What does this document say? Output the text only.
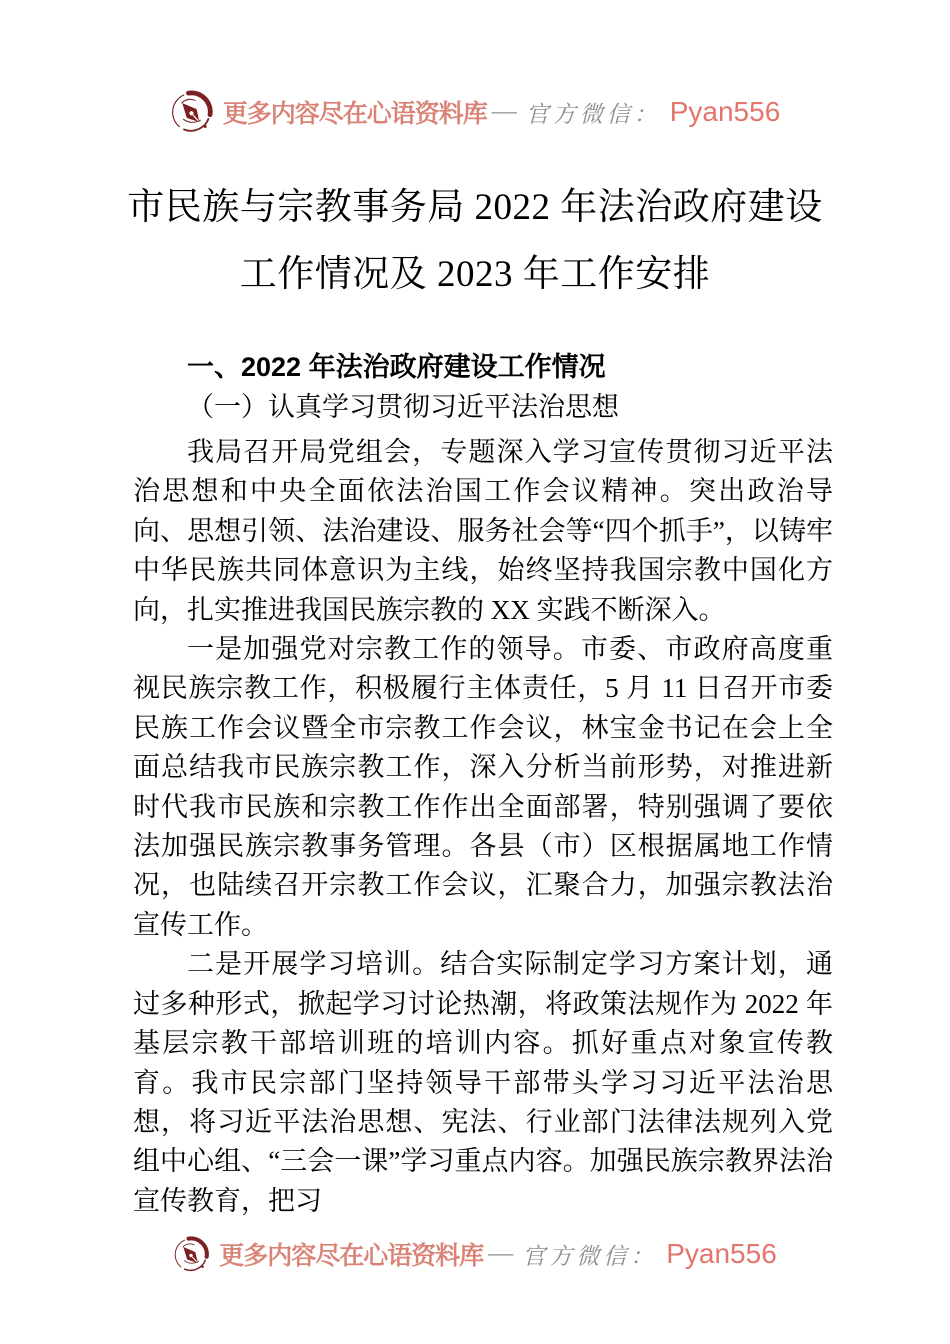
更多内容尽在心语资料库 — 官方微信： Pyan556
市民族与宗教事务局 2022 年法治政府建设
工作情况及 2023 年工作安排
一、2022 年法治政府建设工作情况
（一）认真学习贯彻习近平法治思想

我局召开局党组会，专题深入学习宣传贯彻习近平法治思想和中央全面依法治国工作会议精神。突出政治导向、思想引领、法治建设、服务社会等“四个抓手”，以铸牢中华民族共同体意识为主线，始终坚持我国宗教中国化方向，扎实推进我国民族宗教的 XX 实践不断深入。

一是加强党对宗教工作的领导。市委、市政府高度重视民族宗教工作，积极履行主体责任，5 月 11 日召开市委民族工作会议暨全市宗教工作会议，林宝金书记在会上全面总结我市民族宗教工作，深入分析当前形势，对推进新时代我市民族和宗教工作作出全面部署，特别强调了要依法加强民族宗教事务管理。各县（市）区根据属地工作情况，也陆续召开宗教工作会议，汇聚合力，加强宗教法治宣传工作。

二是开展学习培训。结合实际制定学习方案计划，通过多种形式，掀起学习讨论热潮，将政策法规作为 2022 年基层宗教干部培训班的培训内容。抓好重点对象宣传教育。我市民宗部门坚持领导干部带头学习习近平法治思想，将习近平法治思想、宪法、行业部门法律法规列入党组中心组、“三会一课”学习重点内容。加强民族宗教界法治宣传教育，把习

更多内容尽在心语资料库 — 官方微信： Pyan556
